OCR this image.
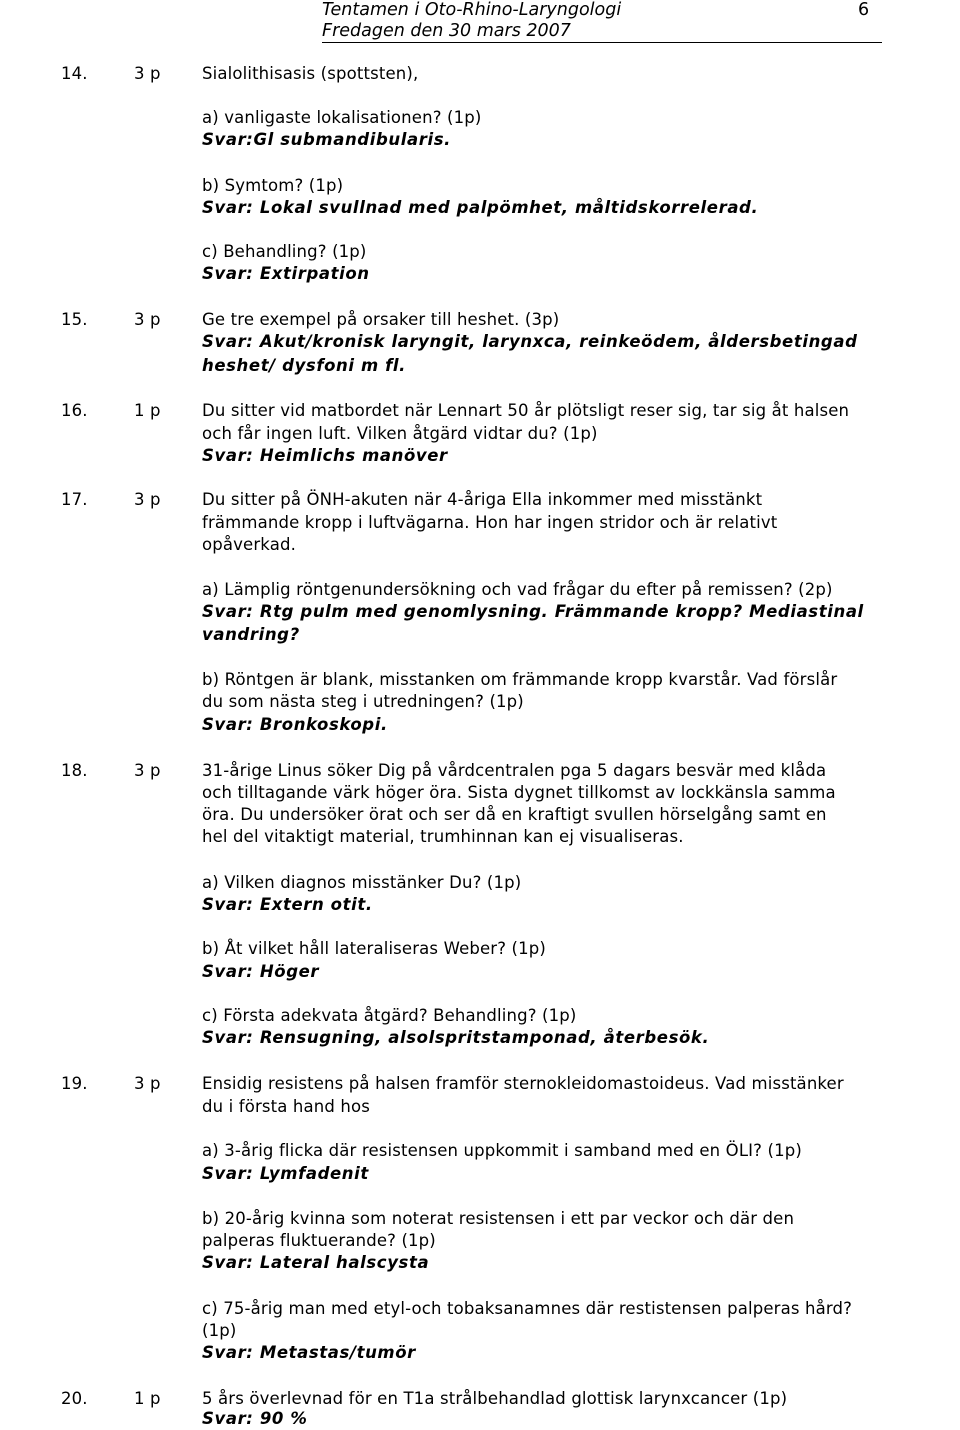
Tentamen i Oto-Rhino-Laryngologi
Fredagen den 30 mars 2007
6
14.	3 p	Sialolithisasis (spottsten),
a) vanligaste lokalisationen? (1p)
Svar:Gl submandibularis.
b) Symtom? (1p)
Svar: Lokal svullnad med palpömhet, måltidskorrelerad.
c) Behandling? (1p)
Svar: Extirpation
15.	3 p	Ge tre exempel på orsaker till heshet. (3p)
Svar: Akut/kronisk laryngit, larynxca, reinkeödem, åldersbetingad
heshet/ dysfoni m fl.
16.	1 p	Du sitter vid matbordet när Lennart 50 år plötsligt reser sig, tar sig åt halsen
och får ingen luft. Vilken åtgärd vidtar du? (1p)
Svar: Heimlichs manöver
17.	3 p	Du sitter på ÖNH-akuten när 4-åriga Ella inkommer med misstänkt
främmande kropp i luftvägarna. Hon har ingen stridor och är relativt
opåverkad.
a) Lämplig röntgenundersökning och vad frågar du efter på remissen? (2p)
Svar: Rtg pulm med genomlysning. Främmande kropp? Mediastinal
vandring?
b) Röntgen är blank, misstanken om främmande kropp kvarstår. Vad förslår
du som nästa steg i utredningen? (1p)
Svar: Bronkoskopi.
18.	3 p	31-årige Linus söker Dig på vårdcentralen pga 5 dagars besvär med klåda
och tilltagande värk höger öra. Sista dygnet tillkomst av lockkänsla samma
öra. Du undersöker örat och ser då en kraftigt svullen hörselgång samt en
hel del vitaktigt material, trumhinnan kan ej visualiseras.
a) Vilken diagnos misstänker Du? (1p)
Svar: Extern otit.
b) Åt vilket håll lateraliseras Weber? (1p)
Svar: Höger
c) Första adekvata åtgärd? Behandling? (1p)
Svar: Rensugning, alsolspritstamponad, återbesök.
19.	3 p	Ensidig resistens på halsen framför sternokleidomastoideus. Vad misstänker
du i första hand hos
a) 3-årig flicka där resistensen uppkommit i samband med en ÖLI? (1p)
Svar: Lymfadenit
b) 20-årig kvinna som noterat resistensen i ett par veckor och där den
palperas fluktuerande? (1p)
Svar: Lateral halscysta
c) 75-årig man med etyl-och tobaksanamnes där restistensen palperas hård?
(1p)
Svar: Metastas/tumör
20.	1 p	5 års överlevnad för en T1a strålbehandlad glottisk larynxcancer (1p)
Svar: 90 %
